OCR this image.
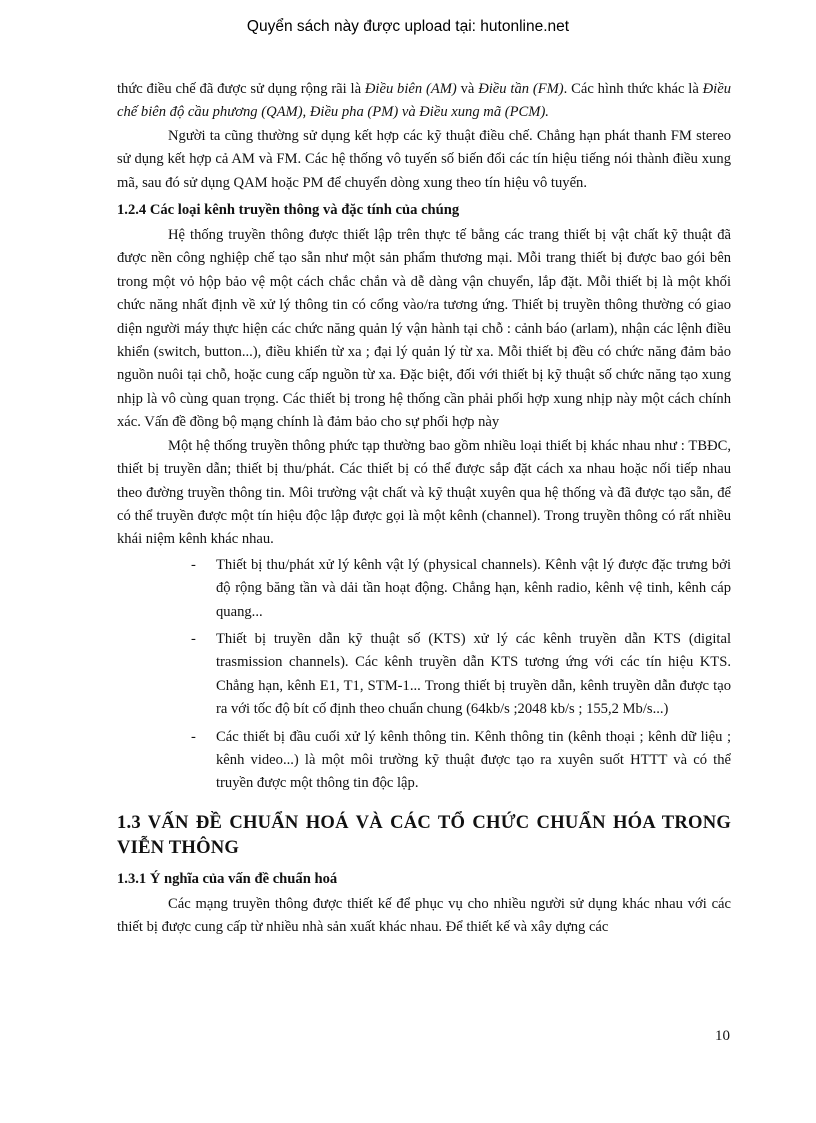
Quyển sách này được upload tại: hutonline.net

thức điều chế đã được sử dụng rộng rãi là Điều biên (AM) và Điều tần (FM). Các hình thức khác là Điều chế biên độ cầu phương (QAM), Điều pha (PM) và Điều xung mã (PCM).

Người ta cũng thường sử dụng kết hợp các kỹ thuật điều chế. Chẳng hạn phát thanh FM stereo sử dụng kết hợp cả AM và FM. Các hệ thống vô tuyến số biến đổi các tín hiệu tiếng nói thành điều xung mã, sau đó sử dụng QAM hoặc PM để chuyển dòng xung theo tín hiệu vô tuyến.

1.2.4 Các loại kênh truyền thông và đặc tính của chúng

Hệ thống truyền thông được thiết lập trên thực tế bằng các trang thiết bị vật chất kỹ thuật đã được nền công nghiệp chế tạo sẵn như một sản phẩm thương mại. Mỗi trang thiết bị được bao gói bên trong một vỏ hộp bảo vệ một cách chắc chắn và dễ dàng vận chuyển, lắp đặt. Mỗi thiết bị là một khối chức năng nhất định về xử lý thông tin có cổng vào/ra tương ứng. Thiết bị truyền thông thường có giao diện người máy thực hiện các chức năng quản lý vận hành tại chỗ : cảnh báo (arlam), nhận các lệnh điều khiển (switch, button...), điều khiển từ xa ; đại lý quản lý từ xa. Mỗi thiết bị đều có chức năng đảm bảo nguồn nuôi tại chỗ, hoặc cung cấp nguồn từ xa. Đặc biệt, đối với thiết bị kỹ thuật số chức năng tạo xung nhịp là vô cùng quan trọng. Các thiết bị trong hệ thống cần phải phối hợp xung nhịp này một cách chính xác. Vấn đề đồng bộ mạng chính là đảm bảo cho sự phối hợp này

Một hệ thống truyền thông phức tạp thường bao gồm nhiều loại thiết bị khác nhau như : TBĐC, thiết bị truyền dẫn; thiết bị thu/phát. Các thiết bị có thể được sắp đặt cách xa nhau hoặc nối tiếp nhau theo đường truyền thông tin. Môi trường vật chất và kỹ thuật xuyên qua hệ thống và đã được tạo sẵn, để có thể truyền được một tín hiệu độc lập được gọi là một kênh (channel). Trong truyền thông có rất nhiều khái niệm kênh khác nhau.

- Thiết bị thu/phát xử lý kênh vật lý (physical channels). Kênh vật lý được đặc trưng bởi độ rộng băng tần và dải tần hoạt động. Chẳng hạn, kênh radio, kênh vệ tinh, kênh cáp quang...

- Thiết bị truyền dẫn kỹ thuật số (KTS) xử lý các kênh truyền dẫn KTS (digital trasmission channels). Các kênh truyền dẫn KTS tương ứng với các tín hiệu KTS. Chẳng hạn, kênh E1, T1, STM-1... Trong thiết bị truyền dẫn, kênh truyền dẫn được tạo ra với tốc độ bít cố định theo chuẩn chung (64kb/s ;2048 kb/s ; 155,2 Mb/s...)

- Các thiết bị đầu cuối xử lý kênh thông tin. Kênh thông tin (kênh thoại ; kênh dữ liệu ; kênh video...) là một môi trường kỹ thuật được tạo ra xuyên suốt HTTT và có thể truyền được một thông tin độc lập.

1.3 VẤN ĐỀ CHUẨN HOÁ VÀ CÁC TỔ CHỨC CHUẨN HÓA TRONG VIỄN THÔNG
1.3.1 Ý nghĩa của vấn đề chuẩn hoá

Các mạng truyền thông được thiết kế để phục vụ cho nhiều người sử dụng khác nhau với các thiết bị được cung cấp từ nhiều nhà sản xuất khác nhau. Để thiết kế và xây dựng các

10
